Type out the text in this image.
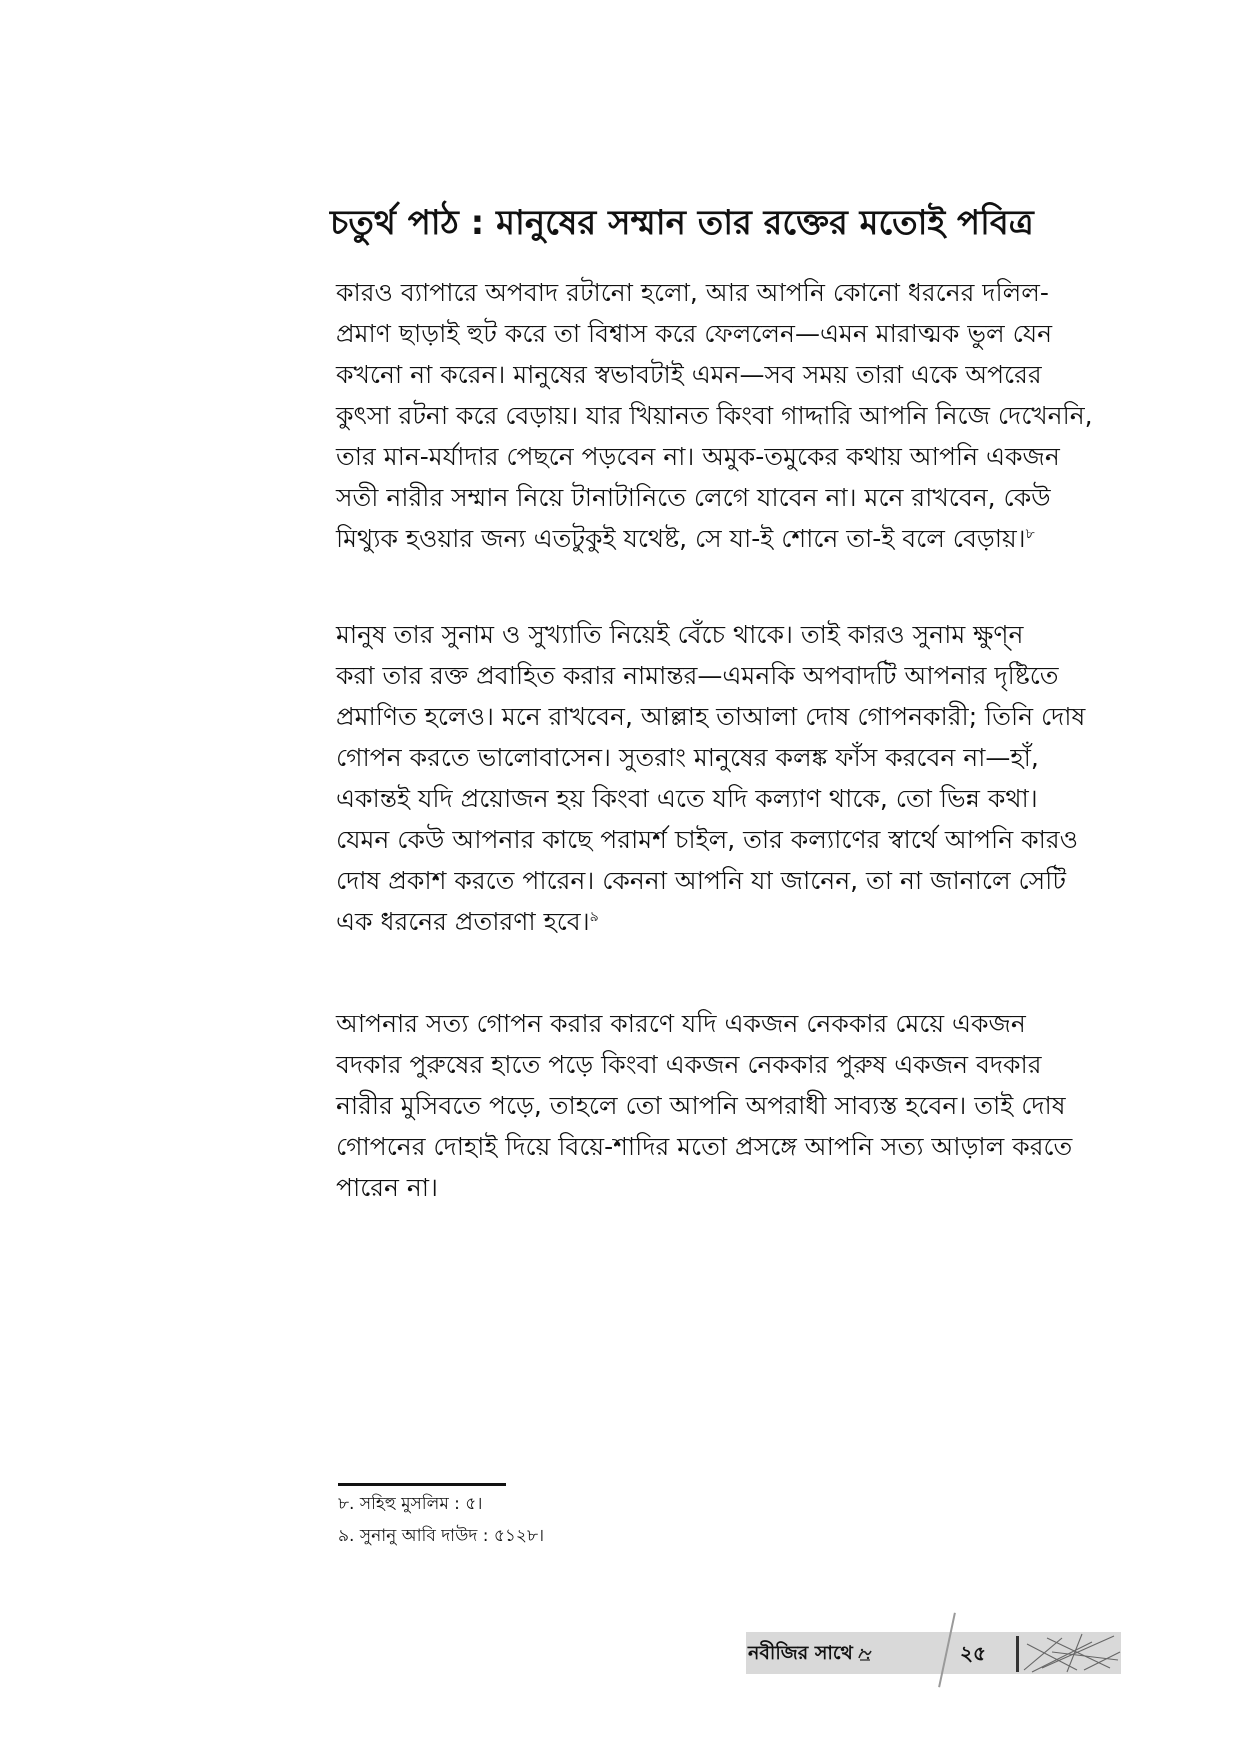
চতুর্থ পাঠ : মানুষের সম্মান তার রক্তের মতোই পবিত্র

কারও ব্যাপারে অপবাদ রটানো হলো, আর আপনি কোনো ধরনের দলিল-

প্রমাণ ছাড়াই হুট করে তা বিশ্বাস করে ফেললেন—এমন মারাত্মক ভুল যেন

কখনো না করেন। মানুষের স্বভাবটাই এমন—সব সময় তারা একে অপরের

কুৎসা রটনা করে বেড়ায়। যার খিয়ানত কিংবা গাদ্দারি আপনি নিজে দেখেননি,

তার মান-মর্যাদার পেছনে পড়বেন না। অমুক-তমুকের কথায় আপনি একজন

সতী নারীর সম্মান নিয়ে টানাটানিতে লেগে যাবেন না। মনে রাখবেন, কেউ

মিথ্যুক হওয়ার জন্য এতটুকুই যথেষ্ট, সে যা-ই শোনে তা-ই বলে বেড়ায়।$^৮$

মানুষ তার সুনাম ও সুখ্যাতি নিয়েই বেঁচে থাকে। তাই কারও সুনাম ক্ষুণ্ন

করা তার রক্ত প্রবাহিত করার নামান্তর—এমনকি অপবাদটি আপনার দৃষ্টিতে

প্রমাণিত হলেও। মনে রাখবেন, আল্লাহ তাআলা দোষ গোপনকারী; তিনি দোষ

গোপন করতে ভালোবাসেন। সুতরাং মানুষের কলঙ্ক ফাঁস করবেন না—হাঁ,

একান্তই যদি প্রয়োজন হয় কিংবা এতে যদি কল্যাণ থাকে, তো ভিন্ন কথা।

যেমন কেউ আপনার কাছে পরামর্শ চাইল, তার কল্যাণের স্বার্থে আপনি কারও

দোষ প্রকাশ করতে পারেন। কেননা আপনি যা জানেন, তা না জানালে সেটি

এক ধরনের প্রতারণা হবে।$^৯$

আপনার সত্য গোপন করার কারণে যদি একজন নেককার মেয়ে একজন

বদকার পুরুষের হাতে পড়ে কিংবা একজন নেককার পুরুষ একজন বদকার

নারীর মুসিবতে পড়ে, তাহলে তো আপনি অপরাধী সাব্যস্ত হবেন। তাই দোষ

গোপনের দোহাই দিয়ে বিয়ে-শাদির মতো প্রসঙ্গে আপনি সত্য আড়াল করতে

পারেন না।

৮. সহিহু মুসলিম : ৫।

৯. সুনানু আবি দাউদ : ৫১২৮।

নবীজির সাথে	২৫
